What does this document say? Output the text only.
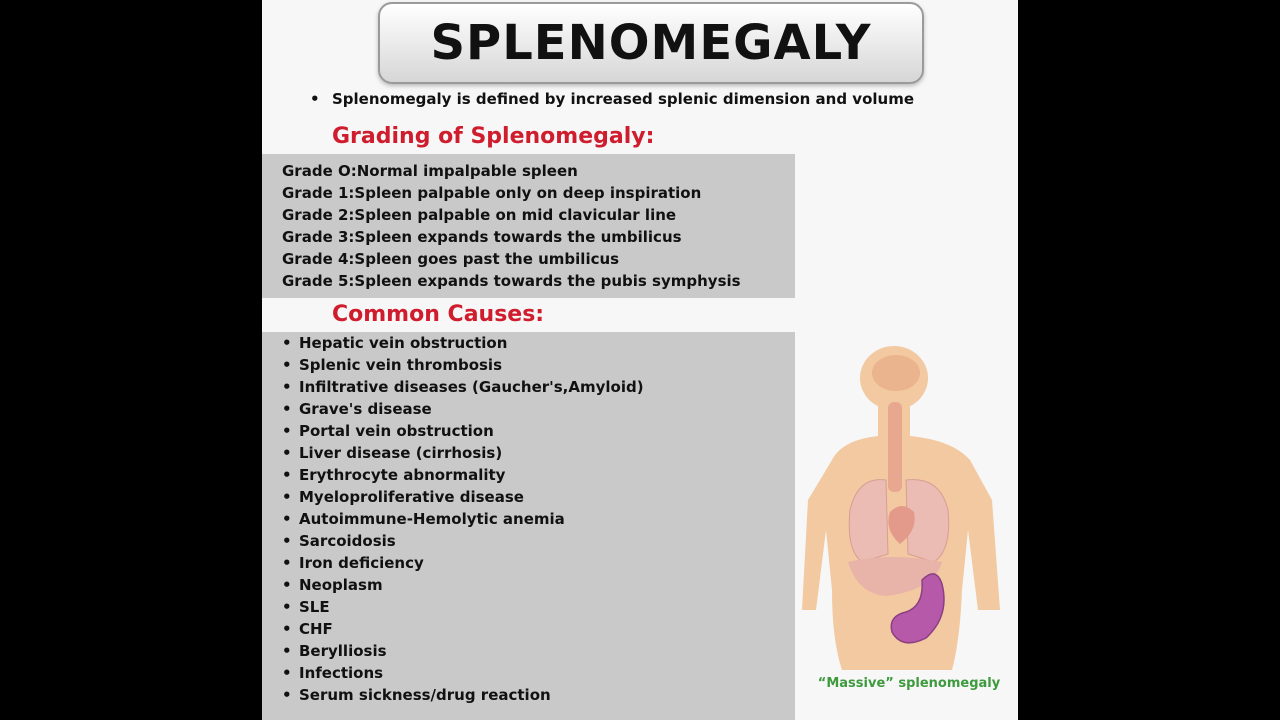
SPLENOMEGALY
• Splenomegaly is defined by increased splenic dimension and volume
Grading of Splenomegaly:
Grade O:Normal impalpable spleen
Grade 1:Spleen palpable only on deep inspiration
Grade 2:Spleen palpable on mid clavicular line
Grade 3:Spleen expands towards the umbilicus
Grade 4:Spleen goes past the umbilicus
Grade 5:Spleen expands towards the pubis symphysis
Common Causes:
• Hepatic vein obstruction
• Splenic vein thrombosis
• Infiltrative diseases (Gaucher's,Amyloid)
• Grave's disease
• Portal vein obstruction
• Liver disease (cirrhosis)
• Erythrocyte abnormality
• Myeloproliferative disease
• Autoimmune-Hemolytic anemia
• Sarcoidosis
• Iron deficiency
• Neoplasm
• SLE
• CHF
• Beryllіosis
• Infections
• Serum sickness/drug reaction
“Massive” splenomegaly
